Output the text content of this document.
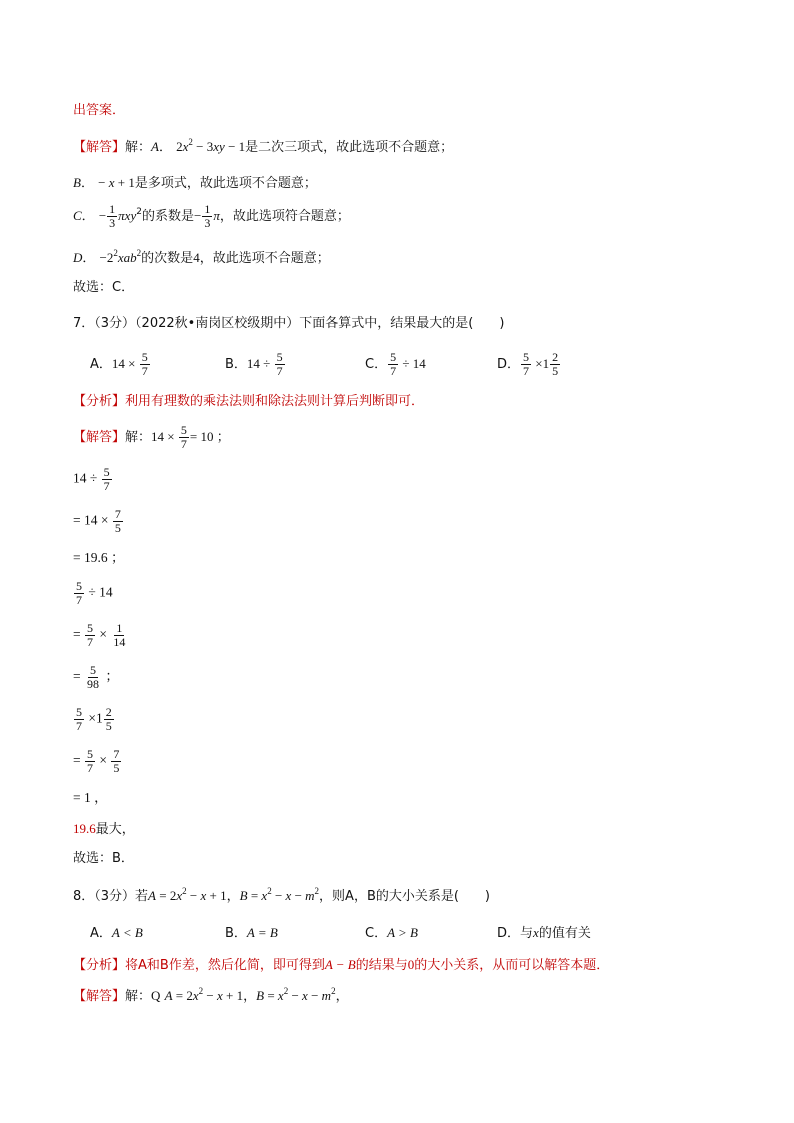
出答案．
【解答】解：A． $2x^2 - 3xy - 1$是二次三项式，故此选项不合题意；
B． − x + 1是多项式，故此选项不合题意；
C． − $\frac{1}{3} \pi xy^2$的系数是− $\frac{1}{3}$ π，故此选项符合题意；
D． $-2^2xab^2$的次数是4，故此选项不合题意；
故选：C．
7．（3分）（2022秋•南岗区校级期中）下面各算式中，结果最大的是(　　)
A．$14 \times \frac{5}{7}$	B．$14 \div \frac{5}{7}$	C． $\frac{5}{7} \div 14$	D． $\frac{5}{7} \times 1 \frac{2}{5}$
【分析】利用有理数的乘法法则和除法法则计算后判断即可．
【解答】解：$14 \times \frac{5}{7} = 10$ ；
$14 \div \frac{5}{7}$
= $14 \times \frac{7}{5}$
= 19.6 ；
$\frac{5}{7} \div 14$
= $\frac{5}{7} \times \frac{1}{14}$
= $\frac{5}{98}$ ；
$\frac{5}{7} \times 1 \frac{2}{5}$
= $\frac{5}{7} \times \frac{7}{5}$
= 1 ，
19.6最大，
故选：B．
8．（3分）若$A = 2x^2 - x + 1$，$B = x^2 - x - m^2$，则A，B的大小关系是(　　)
A．A < B	B．A = B	C．A > B	D．与x的值有关
【分析】将A和B作差，然后化简，即可得到A − B的结果与0的大小关系，从而可以解答本题．
【解答】解：Q $A = 2x^2 - x + 1$，$B = x^2 - x - m^2$，
